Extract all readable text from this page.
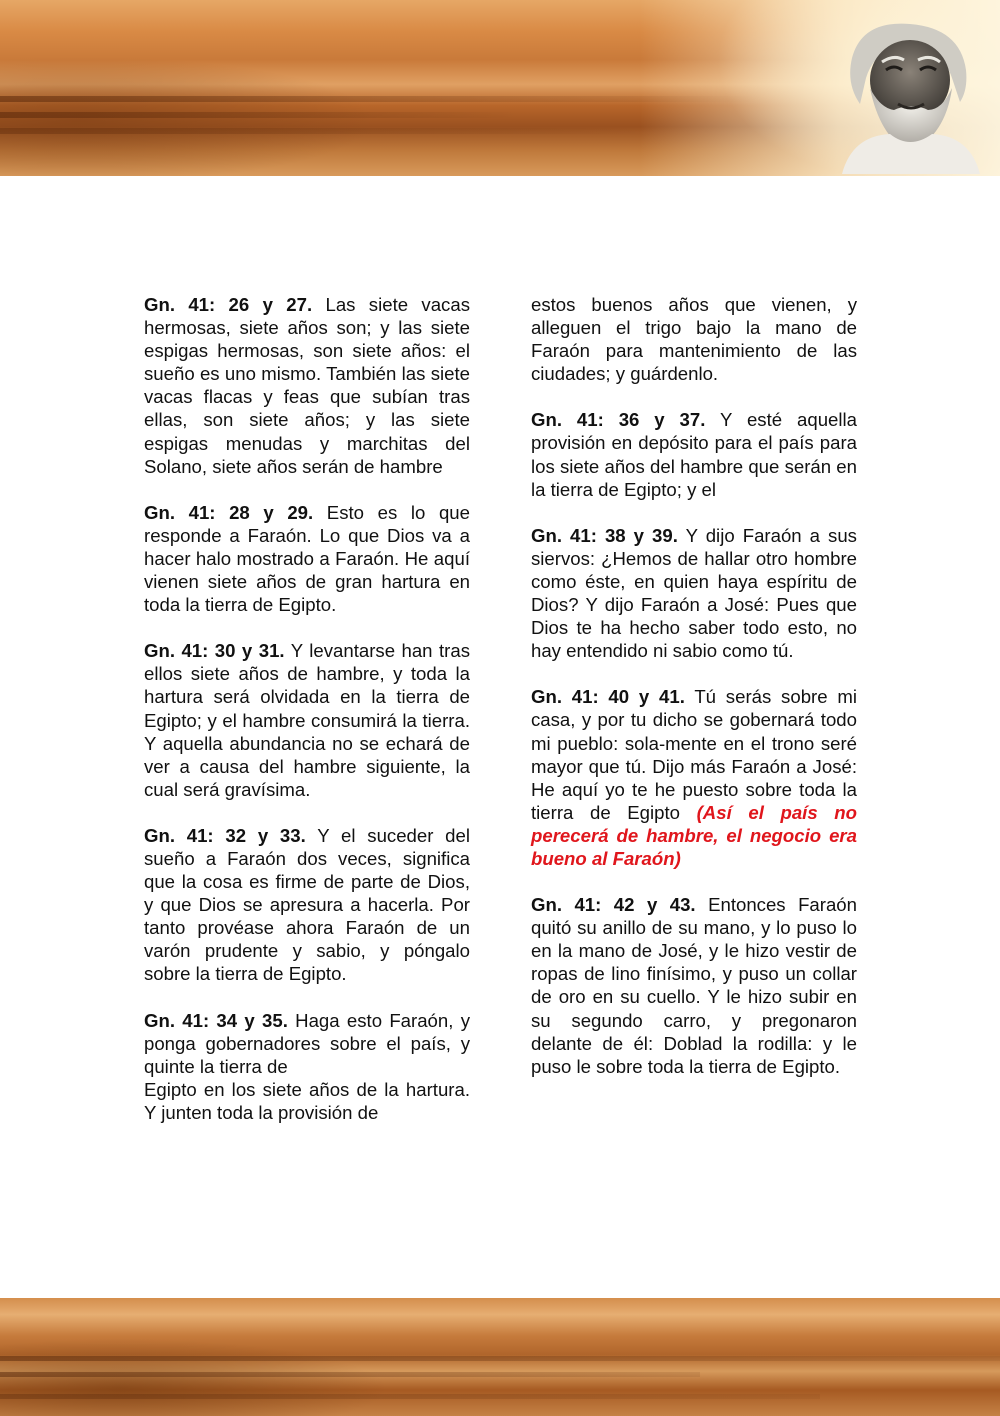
Gn. 41: 26 y 27. Las siete vacas hermosas, siete años son; y las siete espigas hermosas, son siete años: el sueño es uno mismo. También las siete vacas flacas y feas que subían tras ellas, son siete años; y las siete espigas menudas y marchitas del Solano, siete años serán de hambre

Gn. 41: 28 y 29. Esto es lo que responde a Faraón. Lo que Dios va a hacer halo mostrado a Faraón. He aquí vienen siete años de gran hartura en toda la tierra de Egipto.

Gn. 41: 30 y 31. Y levantarse han tras ellos siete años de hambre, y toda la hartura será olvidada en la tierra de Egipto; y el hambre consumirá la tierra. Y aquella abundancia no se echará de ver a causa del hambre siguiente, la cual será gravísima.

Gn. 41: 32 y 33. Y el suceder del sueño a Faraón dos veces, significa que la cosa es firme de parte de Dios, y que Dios se apresura a hacerla. Por tanto provéase ahora Faraón de un varón prudente y sabio, y póngalo sobre la tierra de Egipto.

Gn. 41: 34 y 35. Haga esto Faraón, y ponga gobernadores sobre el país, y quinte la tierra de
Egipto en los siete años de la hartura. Y junten toda la provisión de

estos buenos años que vienen, y alleguen el trigo bajo la mano de Faraón para mantenimiento de las ciudades; y guárdenlo.

Gn. 41: 36 y 37. Y esté aquella provisión en depósito para el país para los siete años del hambre que serán en la tierra de Egipto; y el

Gn. 41: 38 y 39. Y dijo Faraón a sus siervos: ¿Hemos de hallar otro hombre como éste, en quien haya espíritu de Dios? Y dijo Faraón a José: Pues que Dios te ha hecho saber todo esto, no hay entendido ni sabio como tú.

Gn. 41: 40 y 41. Tú serás sobre mi casa, y por tu dicho se gobernará todo mi pueblo: sola-mente en el trono seré mayor que tú. Dijo más Faraón a José: He aquí yo te he puesto sobre toda la tierra de Egipto (Así el país no perecerá de hambre, el negocio era bueno al Faraón)

Gn. 41: 42 y 43. Entonces Faraón quitó su anillo de su mano, y lo puso lo en la mano de José, y le hizo vestir de ropas de lino finísimo, y puso un collar de oro en su cuello. Y le hizo subir en su segundo carro, y pregonaron delante de él: Doblad la rodilla: y le puso le sobre toda la tierra de Egipto.
